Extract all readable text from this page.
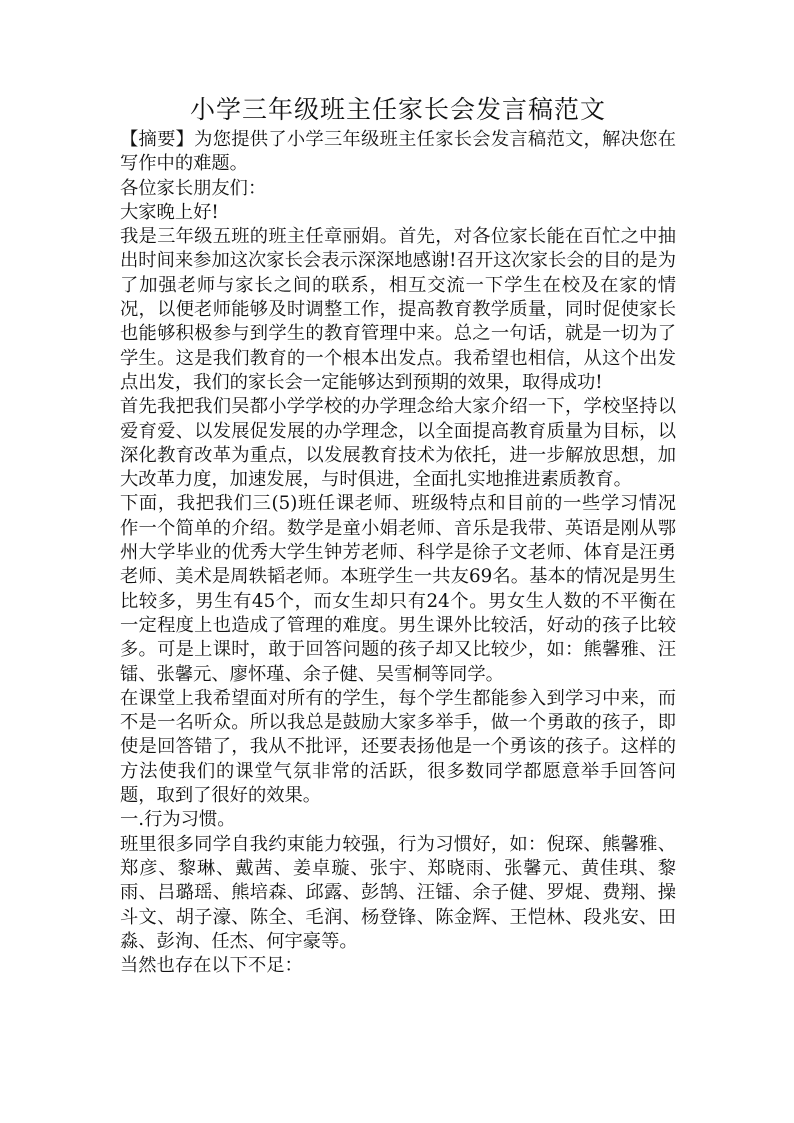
小学三年级班主任家长会发言稿范文

【摘要】为您提供了小学三年级班主任家长会发言稿范文，解决您在写作中的难题。

各位家长朋友们：

大家晚上好!

我是三年级五班的班主任章丽娟。首先，对各位家长能在百忙之中抽出时间来参加这次家长会表示深深地感谢!召开这次家长会的目的是为了加强老师与家长之间的联系，相互交流一下学生在校及在家的情况，以便老师能够及时调整工作，提高教育教学质量，同时促使家长也能够积极参与到学生的教育管理中来。总之一句话，就是一切为了学生。这是我们教育的一个根本出发点。我希望也相信，从这个出发点出发，我们的家长会一定能够达到预期的效果，取得成功!

首先我把我们吴都小学学校的办学理念给大家介绍一下，学校坚持以爱育爱、以发展促发展的办学理念，以全面提高教育质量为目标，以深化教育改革为重点，以发展教育技术为依托，进一步解放思想，加大改革力度，加速发展，与时俱进，全面扎实地推进素质教育。

下面，我把我们三(5)班任课老师、班级特点和目前的一些学习情况作一个简单的介绍。数学是童小娟老师、音乐是我带、英语是刚从鄂州大学毕业的优秀大学生钟芳老师、科学是徐子文老师、体育是汪勇老师、美术是周轶韬老师。本班学生一共友69名。基本的情况是男生比较多，男生有45个，而女生却只有24个。男女生人数的不平衡在一定程度上也造成了管理的难度。男生课外比较活，好动的孩子比较多。可是上课时，敢于回答问题的孩子却又比较少，如：熊馨雅、汪镭、张馨元、廖怀瑾、余子健、吴雪桐等同学。

在课堂上我希望面对所有的学生，每个学生都能参入到学习中来，而不是一名听众。所以我总是鼓励大家多举手，做一个勇敢的孩子，即使是回答错了，我从不批评，还要表扬他是一个勇该的孩子。这样的方法使我们的课堂气氛非常的活跃，很多数同学都愿意举手回答问题，取到了很好的效果。

一.行为习惯。

班里很多同学自我约束能力较强，行为习惯好，如：倪琛、熊馨雅、郑彦、黎琳、戴茜、姜卓璇、张宇、郑晓雨、张馨元、黄佳琪、黎雨、吕璐瑶、熊培森、邱露、彭鹄、汪镭、余子健、罗焜、费翔、操斗文、胡子濠、陈全、毛润、杨登锋、陈金辉、王恺林、段兆安、田淼、彭洵、任杰、何宇豪等。

当然也存在以下不足：
